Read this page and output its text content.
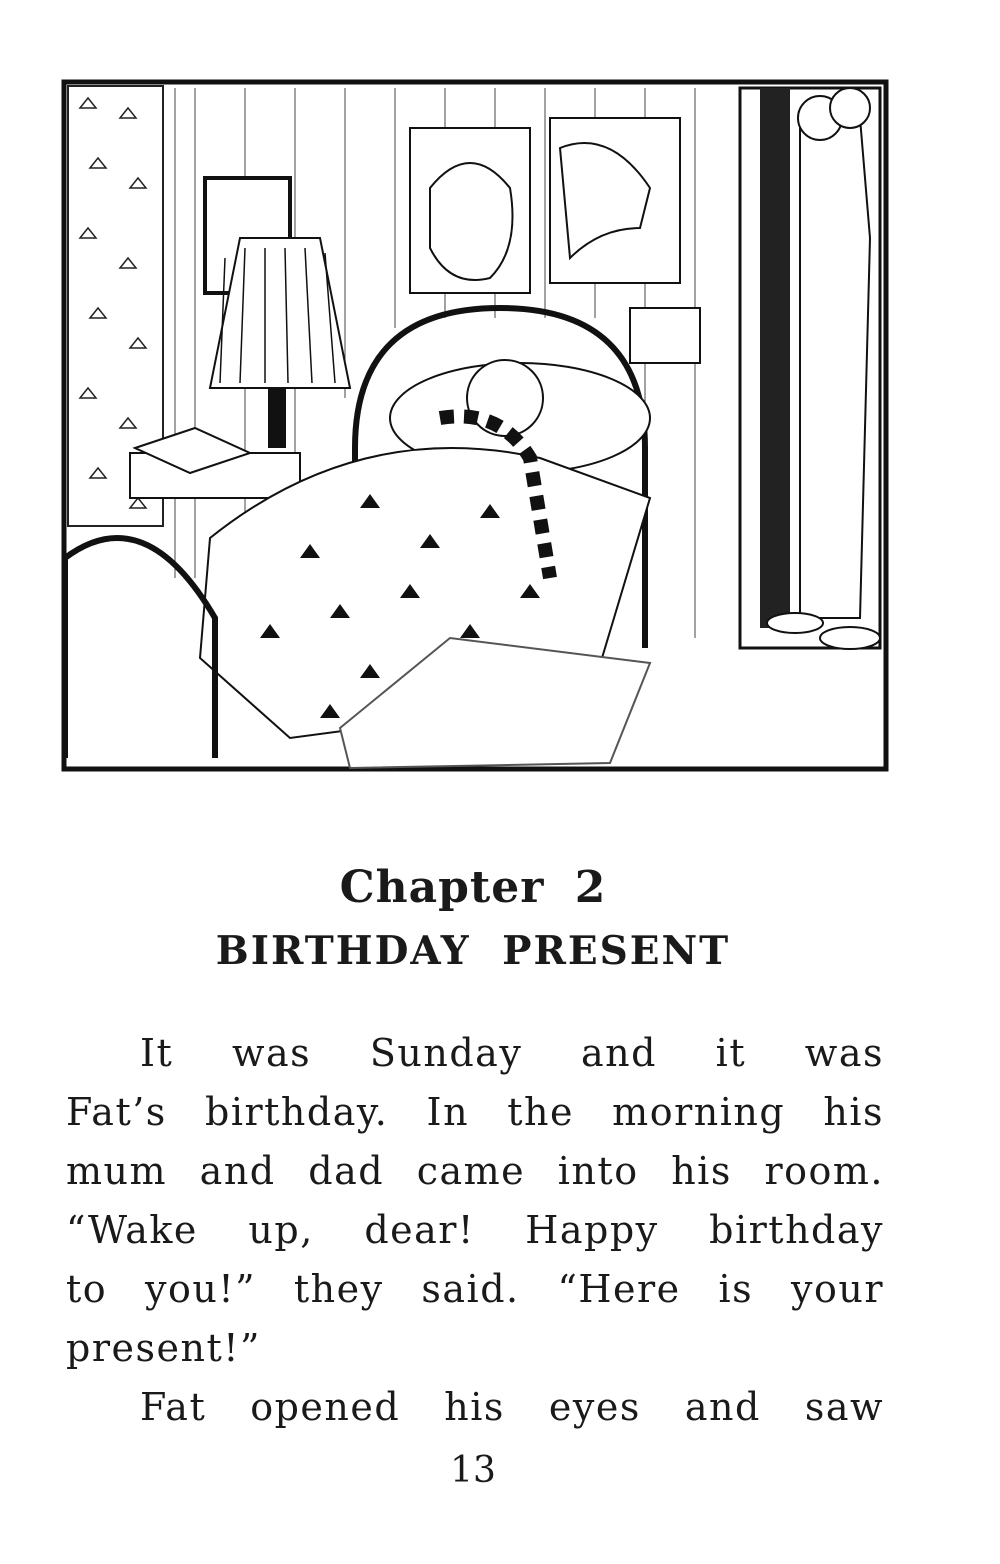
Chapter 2
BIRTHDAY PRESENT
It was Sunday and it was
Fat’s birthday. In the morning his
mum and dad came into his room.
“Wake up, dear! Happy birthday
to you!” they said. “Here is your
present!”
Fat opened his eyes and saw
13
